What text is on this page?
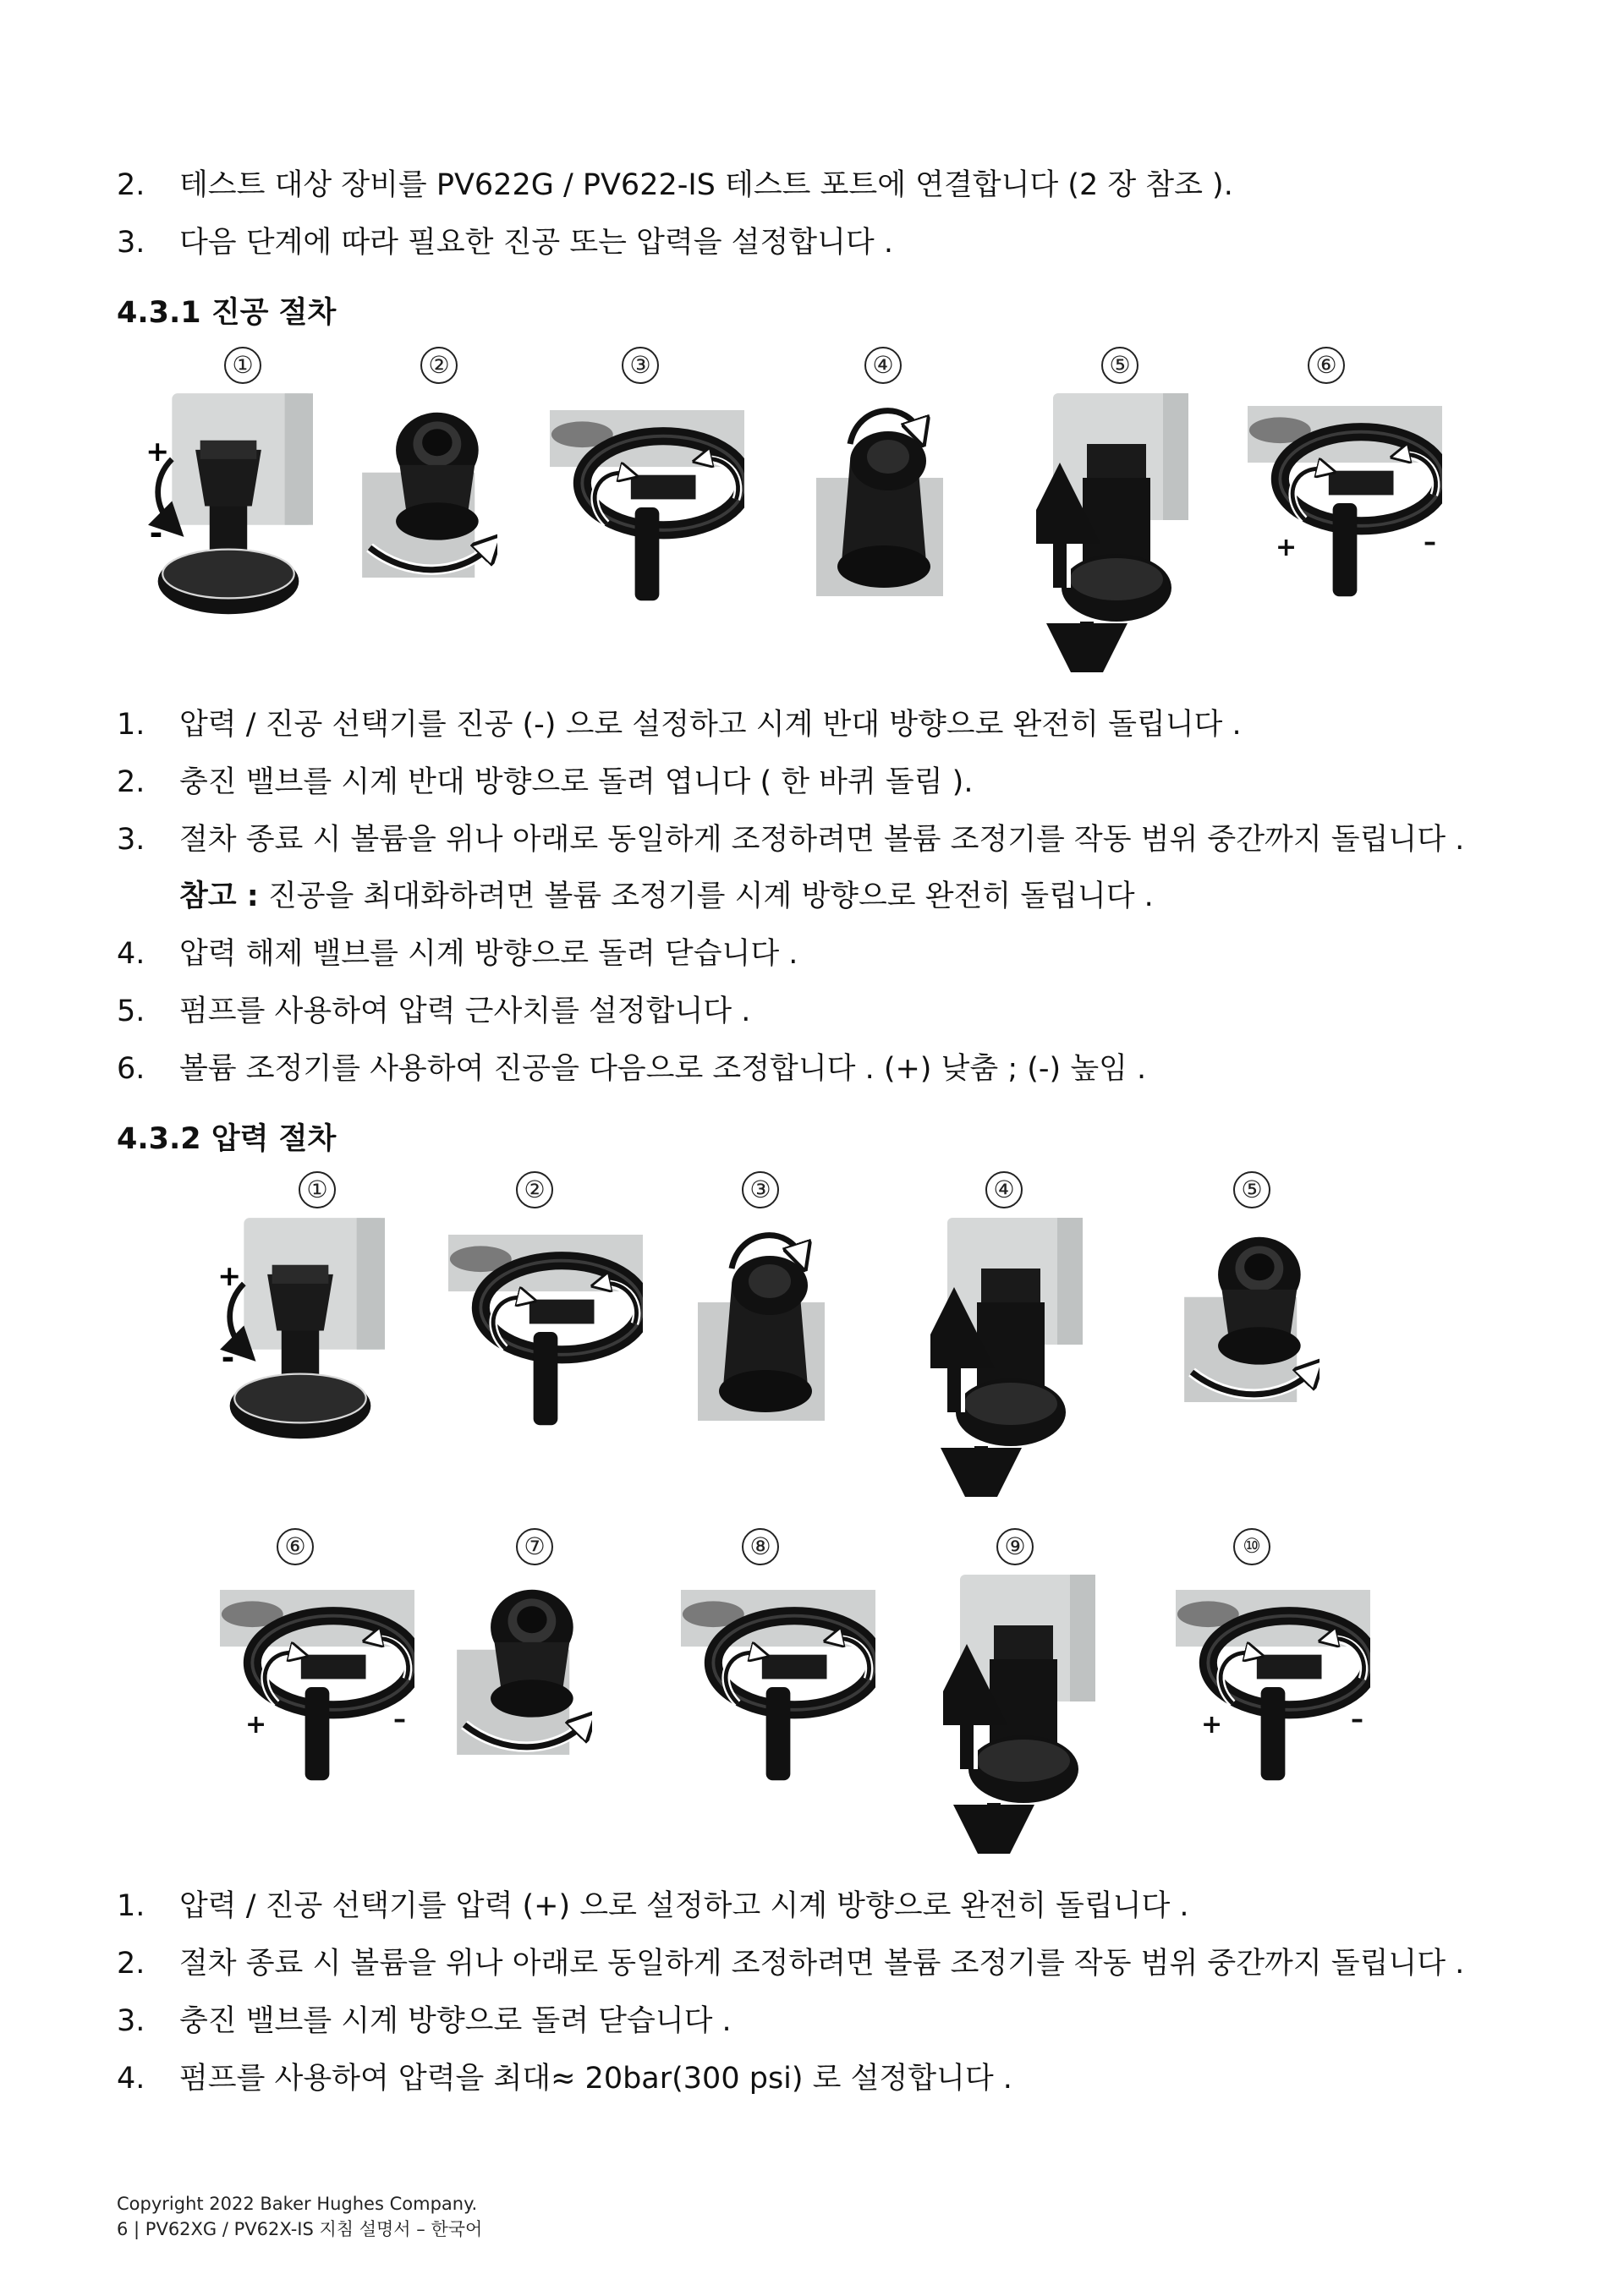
2.	테스트 대상 장비를 PV622G / PV622-IS 테스트 포트에 연결합니다 (2 장 참조 ).
3.	다음 단계에 따라 필요한 진공 또는 압력을 설정합니다 .
4.3.1 진공 절차
①	②	③	④	⑤	⑥
+	–
1.	압력 / 진공 선택기를 진공 (-) 으로 설정하고 시계 반대 방향으로 완전히 돌립니다 .
2.	충진 밸브를 시계 반대 방향으로 돌려 엽니다 ( 한 바퀴 돌림 ).
3.	절차 종료 시 볼륨을 위나 아래로 동일하게 조정하려면 볼륨 조정기를 작동 범위 중간까지 돌립니다 .
참고 : 진공을 최대화하려면 볼륨 조정기를 시계 방향으로 완전히 돌립니다 .
4.	압력 해제 밸브를 시계 방향으로 돌려 닫습니다 .
5.	펌프를 사용하여 압력 근사치를 설정합니다 .
6.	볼륨 조정기를 사용하여 진공을 다음으로 조정합니다 . (+) 낮춤 ; (-) 높임 .
4.3.2 압력 절차
①	②	③	④	⑤
⑥	⑦	⑧	⑨	⑩
+	–	+	–
1.	압력 / 진공 선택기를 압력 (+) 으로 설정하고 시계 방향으로 완전히 돌립니다 .
2.	절차 종료 시 볼륨을 위나 아래로 동일하게 조정하려면 볼륨 조정기를 작동 범위 중간까지 돌립니다 .
3.	충진 밸브를 시계 방향으로 돌려 닫습니다 .
4.	펌프를 사용하여 압력을 최대≈ 20bar(300 psi) 로 설정합니다 .
Copyright 2022 Baker Hughes Company.
6 | PV62XG / PV62X-IS 지침 설명서 – 한국어
